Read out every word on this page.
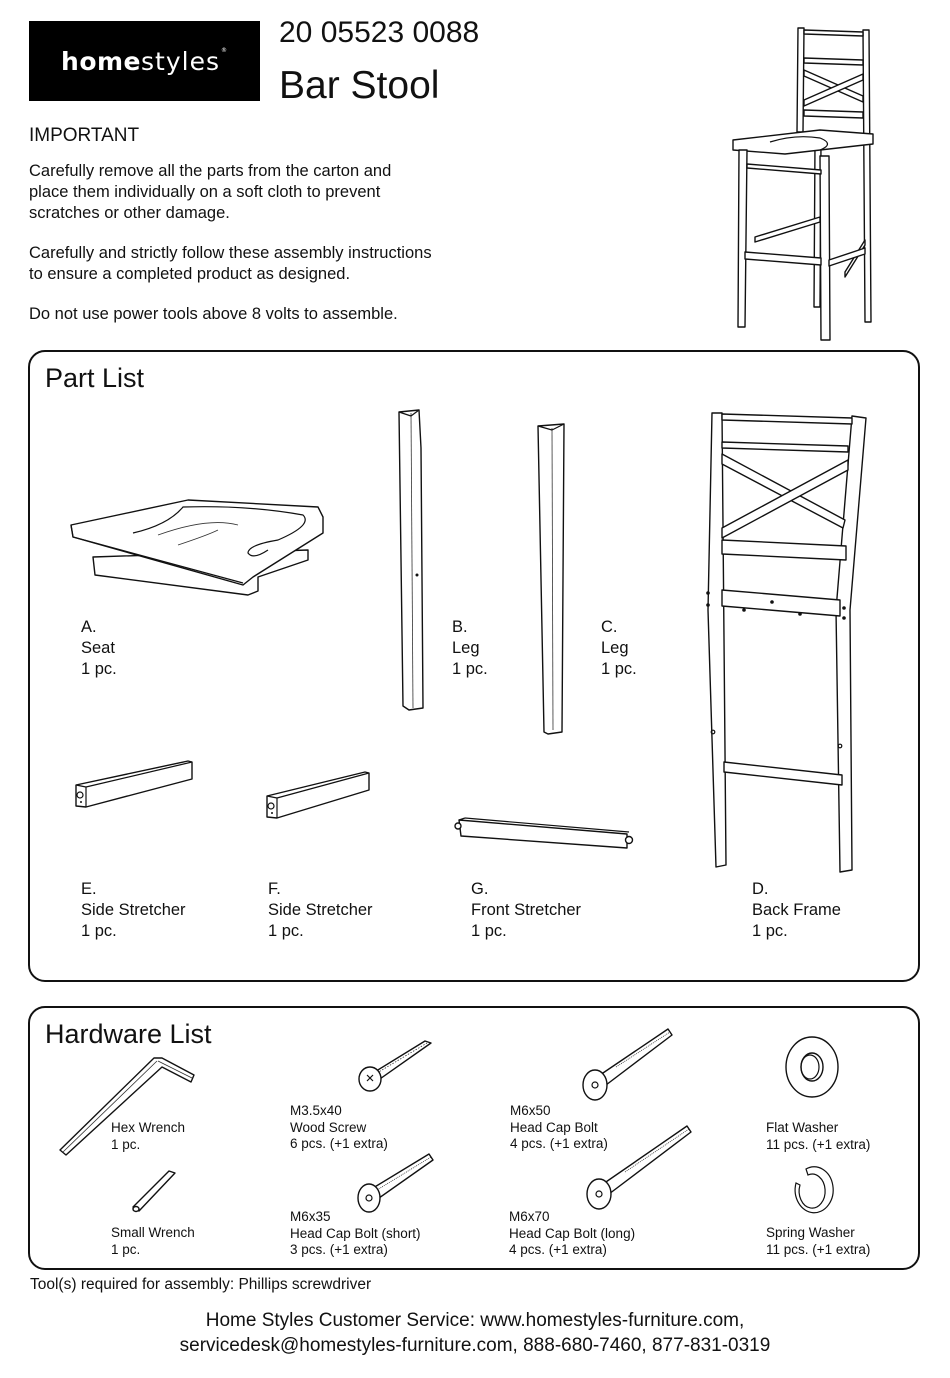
homestyles®
20 05523 0088
Bar Stool
IMPORTANT
Carefully remove all the parts from the carton and
place them individually on a soft cloth to prevent
scratches or other damage.
Carefully and strictly follow these assembly instructions
to ensure a completed product as designed.
Do not use power tools above 8 volts to assemble.
Part List
A.
Seat
1 pc.
B.
Leg
1 pc.
C.
Leg
1 pc.
D.
Back Frame
1 pc.
E.
Side Stretcher
1 pc.
F.
Side Stretcher
1 pc.
G.
Front Stretcher
1 pc.
Hardware List
Hex Wrench
1 pc.
Small Wrench
1 pc.
M3.5x40
Wood Screw
6 pcs. (+1 extra)
M6x35
Head Cap Bolt (short)
3 pcs. (+1 extra)
M6x50
Head Cap Bolt
4 pcs. (+1 extra)
M6x70
Head Cap Bolt (long)
4 pcs. (+1 extra)
Flat Washer
11 pcs. (+1 extra)
Spring Washer
11 pcs. (+1 extra)
Tool(s) required for assembly: Phillips screwdriver
Home Styles Customer Service: www.homestyles-furniture.com,
servicedesk@homestyles-furniture.com, 888-680-7460, 877-831-0319
